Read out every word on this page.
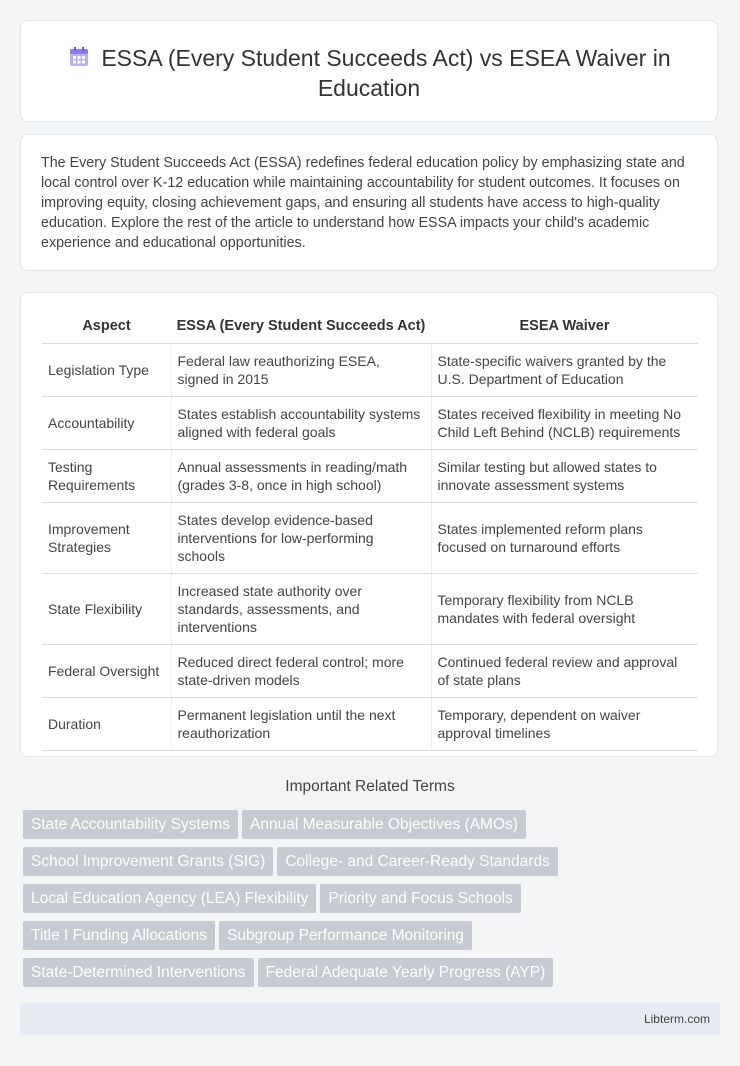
ESSA (Every Student Succeeds Act) vs ESEA Waiver in Education

The Every Student Succeeds Act (ESSA) redefines federal education policy by emphasizing state and local control over K-12 education while maintaining accountability for student outcomes. It focuses on improving equity, closing achievement gaps, and ensuring all students have access to high-quality education. Explore the rest of the article to understand how ESSA impacts your child's academic experience and educational opportunities.

Aspect	ESSA (Every Student Succeeds Act)	ESEA Waiver
Legislation Type	Federal law reauthorizing ESEA, signed in 2015	State-specific waivers granted by the U.S. Department of Education
Accountability	States establish accountability systems aligned with federal goals	States received flexibility in meeting No Child Left Behind (NCLB) requirements
Testing Requirements	Annual assessments in reading/math (grades 3-8, once in high school)	Similar testing but allowed states to innovate assessment systems
Improvement Strategies	States develop evidence-based interventions for low-performing schools	States implemented reform plans focused on turnaround efforts
State Flexibility	Increased state authority over standards, assessments, and interventions	Temporary flexibility from NCLB mandates with federal oversight
Federal Oversight	Reduced direct federal control; more state-driven models	Continued federal review and approval of state plans
Duration	Permanent legislation until the next reauthorization	Temporary, dependent on waiver approval timelines
Important Related Terms
State Accountability Systems Annual Measurable Objectives (AMOs)
School Improvement Grants (SIG) College- and Career-Ready Standards
Local Education Agency (LEA) Flexibility Priority and Focus Schools
Title I Funding Allocations Subgroup Performance Monitoring
State-Determined Interventions Federal Adequate Yearly Progress (AYP)
Libterm.com
